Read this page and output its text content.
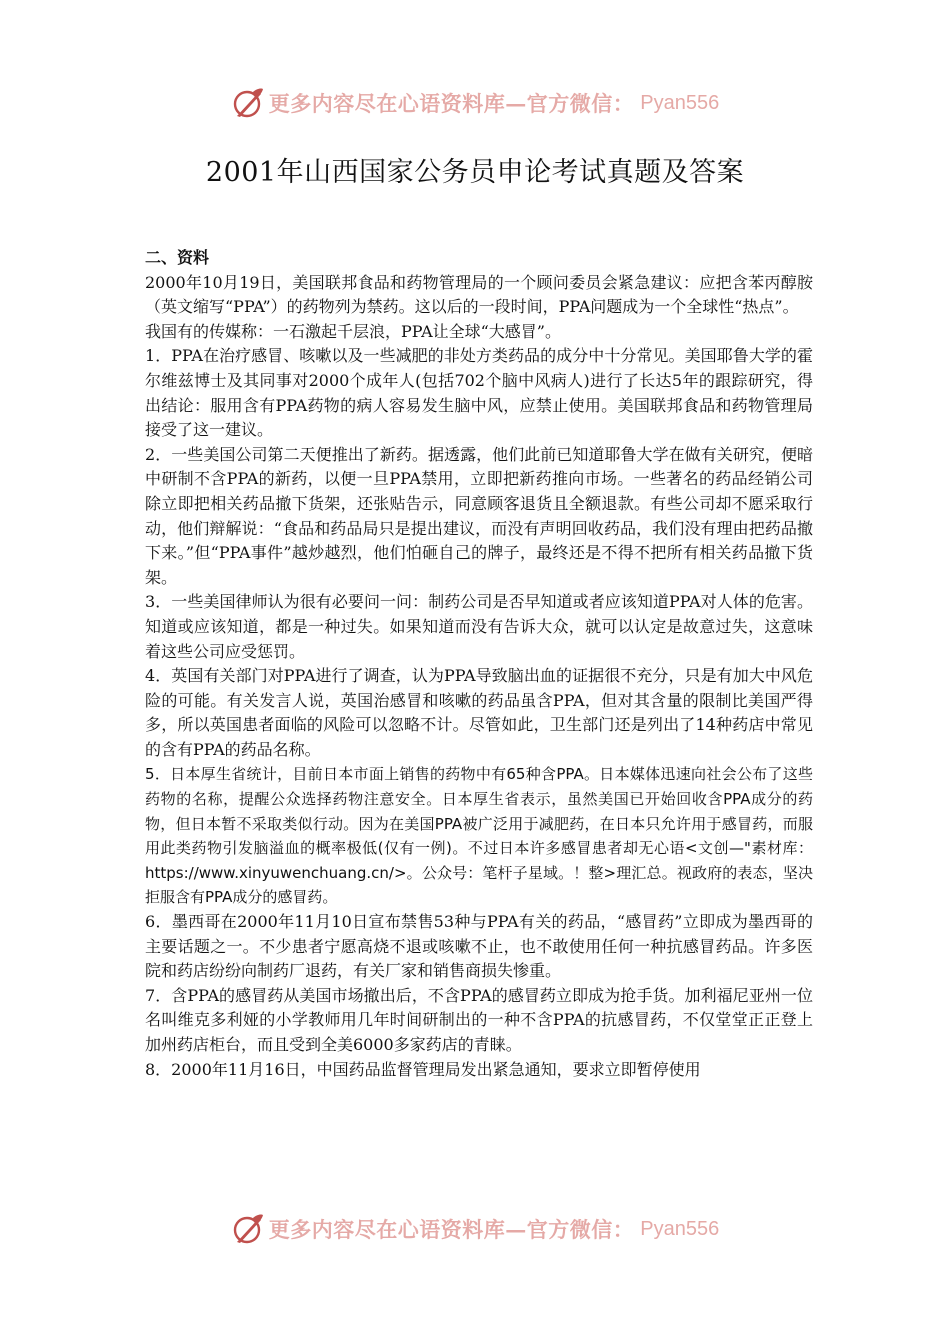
更多内容尽在心语资料库—官方微信： Pyan556
2001年山西国家公务员申论考试真题及答案

二、资料

2000年10月19日，美国联邦食品和药物管理局的一个顾问委员会紧急建议：应把含苯丙醇胺（英文缩写“PPA”）的药物列为禁药。这以后的一段时间，PPA问题成为一个全球性“热点”。

我国有的传媒称：一石激起千层浪，PPA让全球“大感冒”。

1．PPA在治疗感冒、咳嗽以及一些减肥的非处方类药品的成分中十分常见。美国耶鲁大学的霍尔维兹博士及其同事对2000个成年人(包括702个脑中风病人)进行了长达5年的跟踪研究，得出结论：服用含有PPA药物的病人容易发生脑中风，应禁止使用。美国联邦食品和药物管理局接受了这一建议。

2．一些美国公司第二天便推出了新药。据透露，他们此前已知道耶鲁大学在做有关研究，便暗中研制不含PPA的新药，以便一旦PPA禁用，立即把新药推向市场。一些著名的药品经销公司除立即把相关药品撤下货架，还张贴告示，同意顾客退货且全额退款。有些公司却不愿采取行动，他们辩解说：“食品和药品局只是提出建议，而没有声明回收药品，我们没有理由把药品撤下来。”但“PPA事件”越炒越烈，他们怕砸自己的牌子，最终还是不得不把所有相关药品撤下货架。

3．一些美国律师认为很有必要问一问：制药公司是否早知道或者应该知道PPA对人体的危害。知道或应该知道，都是一种过失。如果知道而没有告诉大众，就可以认定是故意过失，这意味着这些公司应受惩罚。

4．英国有关部门对PPA进行了调查，认为PPA导致脑出血的证据很不充分，只是有加大中风危险的可能。有关发言人说，英国治感冒和咳嗽的药品虽含PPA，但对其含量的限制比美国严得多，所以英国患者面临的风险可以忽略不计。尽管如此，卫生部门还是列出了14种药店中常见的含有PPA的药品名称。

5．日本厚生省统计，目前日本市面上销售的药物中有65种含PPA。日本媒体迅速向社会公布了这些药物的名称，提醒公众选择药物注意安全。日本厚生省表示，虽然美国已开始回收含PPA成分的药物，但日本暂不采取类似行动。因为在美国PPA被广泛用于减肥药，在日本只允许用于感冒药，而服用此类药物引发脑溢血的概率极低(仅有一例)。不过日本许多感冒患者却无心语<文创—"素材库：https://www.xinyuwenchuang.cn/>。公众号：笔杆子星域。！整>理汇总。视政府的表态，坚决拒服含有PPA成分的感冒药。

6．墨西哥在2000年11月10日宣布禁售53种与PPA有关的药品，“感冒药”立即成为墨西哥的主要话题之一。不少患者宁愿高烧不退或咳嗽不止，也不敢使用任何一种抗感冒药品。许多医院和药店纷纷向制药厂退药，有关厂家和销售商损失惨重。

7．含PPA的感冒药从美国市场撤出后，不含PPA的感冒药立即成为抢手货。加利福尼亚州一位名叫维克多利娅的小学教师用几年时间研制出的一种不含PPA的抗感冒药，不仅堂堂正正登上加州药店柜台，而且受到全美6000多家药店的青睐。

8．2000年11月16日，中国药品监督管理局发出紧急通知，要求立即暂停使用

更多内容尽在心语资料库—官方微信： Pyan556
